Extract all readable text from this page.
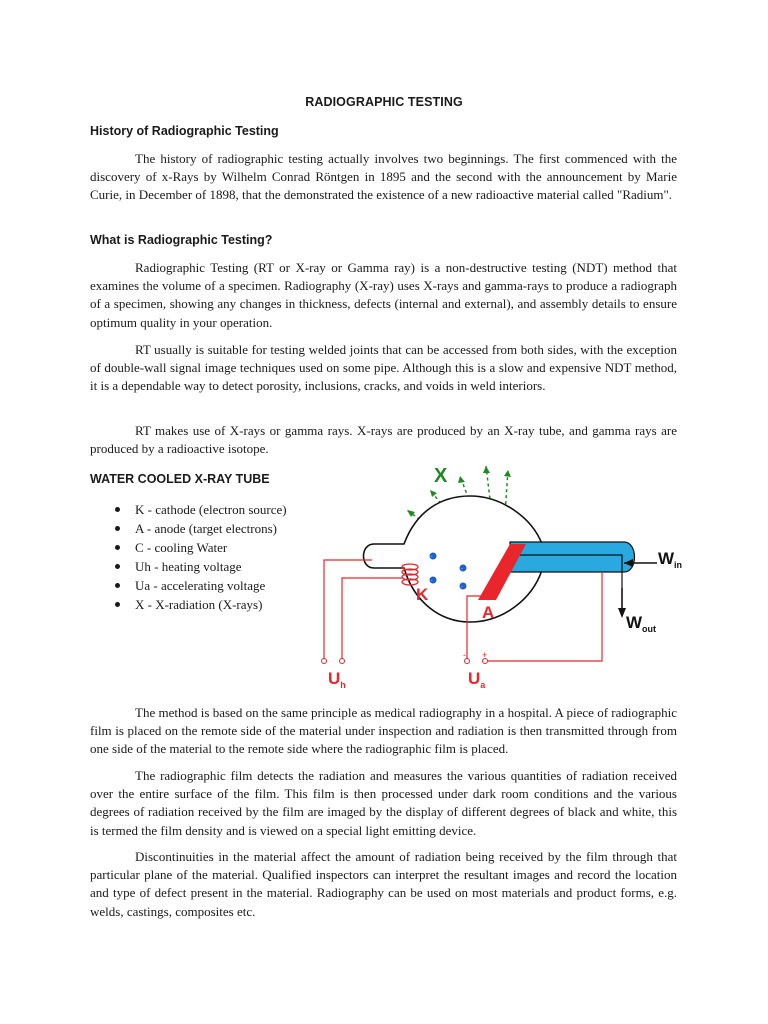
RADIOGRAPHIC TESTING
History of Radiographic Testing

The history of radiographic testing actually involves two beginnings. The first commenced with the discovery of x-Rays by Wilhelm Conrad Röntgen in 1895 and the second with the announcement by Marie Curie, in December of 1898, that the demonstrated the existence of a new radioactive material called "Radium".

What is Radiographic Testing?

Radiographic Testing (RT or X-ray or Gamma ray) is a non-destructive testing (NDT) method that examines the volume of a specimen. Radiography (X-ray) uses X-rays and gamma-rays to produce a radiograph of a specimen, showing any changes in thickness, defects (internal and external), and assembly details to ensure optimum quality in your operation.

RT usually is suitable for testing welded joints that can be accessed from both sides, with the exception of double-wall signal image techniques used on some pipe. Although this is a slow and expensive NDT method, it is a dependable way to detect porosity, inclusions, cracks, and voids in weld interiors.

RT makes use of X-rays or gamma rays. X-rays are produced by an X-ray tube, and gamma rays are produced by a radioactive isotope.

WATER COOLED X-RAY TUBE
K - cathode (electron source)
A - anode (target electrons)
C - cooling Water
Uh - heating voltage
Ua - accelerating voltage
X - X-radiation (X-rays)
X
-
-
-
-
K
A
C
$W_{in}$
$W_{out}$
$U_h$	$U_a$
- +

The method is based on the same principle as medical radiography in a hospital. A piece of radiographic film is placed on the remote side of the material under inspection and radiation is then transmitted through from one side of the material to the remote side where the radiographic film is placed.

The radiographic film detects the radiation and measures the various quantities of radiation received over the entire surface of the film. This film is then processed under dark room conditions and the various degrees of radiation received by the film are imaged by the display of different degrees of black and white, this is termed the film density and is viewed on a special light emitting device.

Discontinuities in the material affect the amount of radiation being received by the film through that particular plane of the material. Qualified inspectors can interpret the resultant images and record the location and type of defect present in the material. Radiography can be used on most materials and product forms, e.g. welds, castings, composites etc.
